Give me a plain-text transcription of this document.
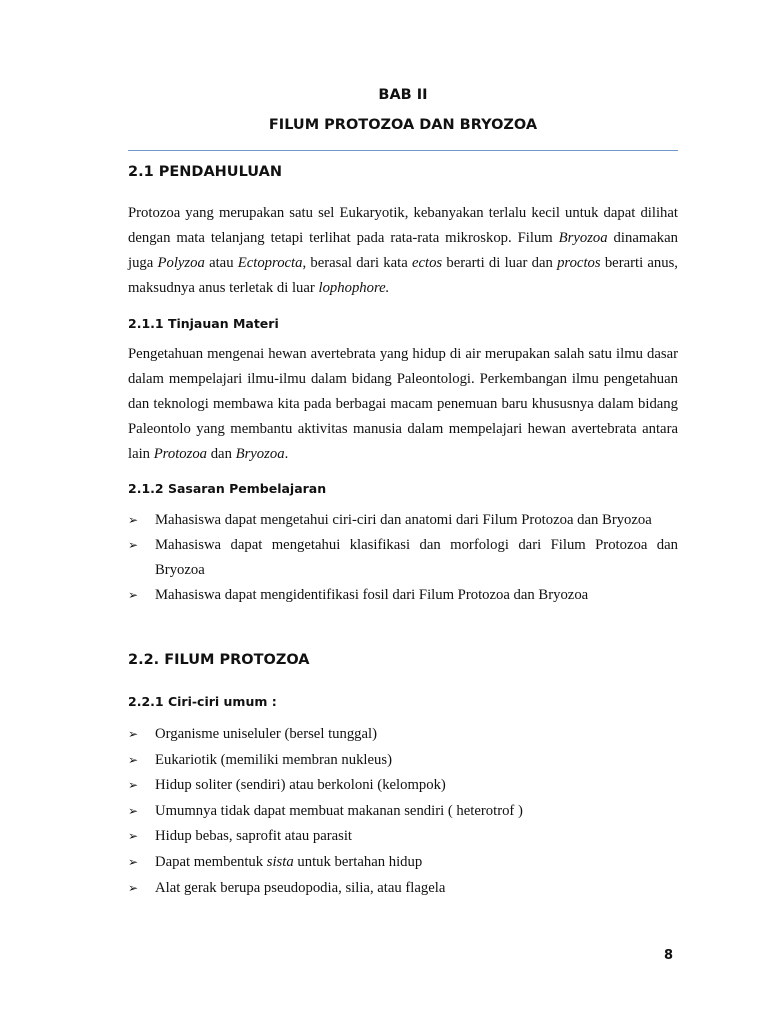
BAB II
FILUM PROTOZOA DAN BRYOZOA
2.1 PENDAHULUAN

Protozoa yang merupakan satu sel Eukaryotik, kebanyakan terlalu kecil untuk dapat dilihat dengan mata telanjang tetapi terlihat pada rata-rata mikroskop. Filum Bryozoa dinamakan juga Polyzoa atau Ectoprocta, berasal dari kata ectos berarti di luar dan proctos berarti anus, maksudnya anus terletak di luar lophophore.

2.1.1 Tinjauan Materi

Pengetahuan mengenai hewan avertebrata yang hidup di air merupakan salah satu ilmu dasar dalam mempelajari ilmu-ilmu dalam bidang Paleontologi. Perkembangan ilmu pengetahuan dan teknologi membawa kita pada berbagai macam penemuan baru khususnya dalam bidang Paleontolo yang membantu aktivitas manusia dalam mempelajari hewan avertebrata antara lain Protozoa dan Bryozoa.

2.1.2 Sasaran Pembelajaran
➢ Mahasiswa dapat mengetahui ciri-ciri dan anatomi dari Filum Protozoa dan Bryozoa
➢ Mahasiswa dapat mengetahui klasifikasi dan morfologi dari Filum Protozoa dan Bryozoa
➢ Mahasiswa dapat mengidentifikasi fosil dari Filum Protozoa dan Bryozoa
2.2. FILUM PROTOZOA
2.2.1 Ciri-ciri umum :
➢ Organisme uniseluler (bersel tunggal)
➢ Eukariotik (memiliki membran nukleus)
➢ Hidup soliter (sendiri) atau berkoloni (kelompok)
➢ Umumnya tidak dapat membuat makanan sendiri ( heterotrof )
➢ Hidup bebas, saprofit atau parasit
➢ Dapat membentuk sista untuk bertahan hidup
➢ Alat gerak berupa pseudopodia, silia, atau flagela
8
